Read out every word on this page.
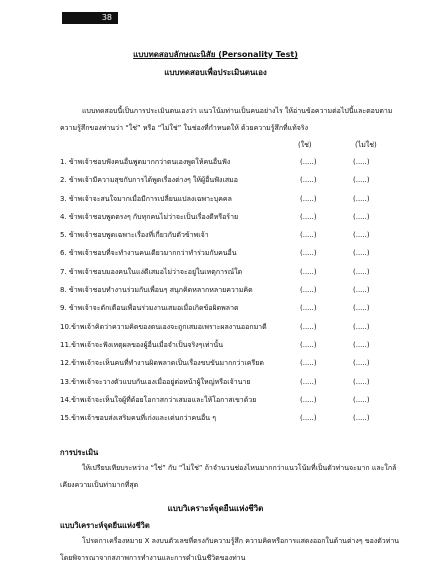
38
แบบทดสอบลักษณะนิสัย (Personality Test)
แบบทดสอบเพื่อประเมินตนเอง
แบบทดสอบนี้เป็นการประเมินตนเองว่า แนวโน้มท่านเป็นคนอย่างไร ให้อ่านข้อความต่อไปนี้และตอบตามความรู้สึกของท่านว่า “ใช่” หรือ “ไม่ใช่” ในช่องที่กำหนดให้ ด้วยความรู้สึกที่แท้จริง
(ใช่)	(ไม่ใช่)
1. ข้าพเจ้าชอบฟังคนอื่นพูดมากกว่าตนเองพูดให้คนอื่นฟัง	(.....)	(.....)
2. ข้าพเจ้ามีความสุขกับการได้พูดเรื่องต่างๆ ให้ผู้อื่นฟังเสมอ	(.....)	(.....)
3. ข้าพเจ้าจะสนใจมากเมื่อมีการเปลี่ยนแปลงเฉพาะบุคคล	(.....)	(.....)
4. ข้าพเจ้าชอบพูดตรงๆ กับทุกคนไม่ว่าจะเป็นเรื่องดีหรือร้าย	(.....)	(.....)
5. ข้าพเจ้าชอบพูดเฉพาะเรื่องที่เกี่ยวกับตัวข้าพเจ้า	(.....)	(.....)
6. ข้าพเจ้าชอบที่จะทำงานคนเดียวมากกว่าทำร่วมกับคนอื่น	(.....)	(.....)
7. ข้าพเจ้าชอบมองคนในแง่ดีเสมอไม่ว่าจะอยู่ในเหตุการณ์ใด	(.....)	(.....)
8. ข้าพเจ้าชอบทำงานร่วมกับเพื่อนๆ สนุกคิดหลากหลายความคิด	(.....)	(.....)
9. ข้าพเจ้าจะตักเตือนเพื่อนร่วมงานเสมอเมื่อเกิดข้อผิดพลาด	(.....)	(.....)
10.ข้าพเจ้าคิดว่าความคิดของตนเองจะถูกเสมอเพราะผลงานออกมาดี	(.....)	(.....)
11.ข้าพเจ้าจะฟังเหตุผลของผู้อื่นเมื่อจำเป็นจริงๆเท่านั้น	(.....)	(.....)
12.ข้าพเจ้าจะเห็นคนที่ทำงานผิดพลาดเป็นเรื่องขบขันมากกว่าเครียด	(.....)	(.....)
13.ข้าพเจ้าจะวางตัวแบบกันเองเมื่ออยู่ต่อหน้าผู้ใหญ่หรือเจ้านาย	(.....)	(.....)
14.ข้าพเจ้าจะเห็นใจผู้ที่ด้อยโอกาสกว่าเสมอและให้โอกาสเขาด้วย	(.....)	(.....)
15.ข้าพเจ้าชอบส่งเสริมคนที่เก่งและเด่นกว่าคนอื่น ๆ	(.....)	(.....)
การประเมิน
ให้เปรียบเทียบระหว่าง “ใช่” กับ “ไม่ใช่” ถ้าจำนวนช่องไหนมากกว่าแนวโน้มที่เป็นตัวท่านจะมาก และใกล้เคียงความเป็นท่ามากที่สุด
แบบวิเคราะห์จุดยืนแห่งชีวิต
แบบวิเคราะห์จุดยืนแห่งชีวิต
โปรดกาเครื่องหมาย X ลงบนตัวเลขที่ตรงกับความรู้สึก ความคิดหรือการแสดงออกในด้านต่างๆ ของตัวท่าน โดยพิจารณาจากสภาพการทำงานและการดำเนินชีวิตของท่าน
